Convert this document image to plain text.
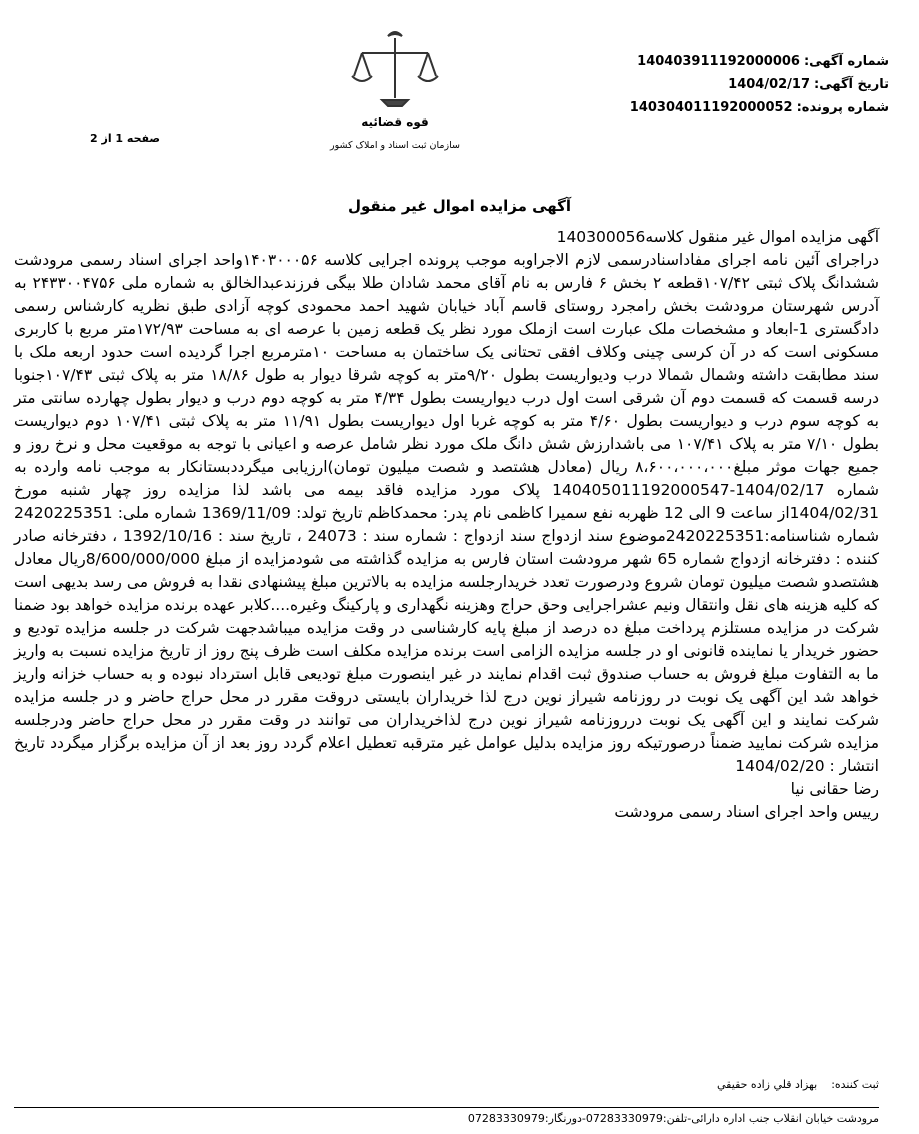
قوه قضائیه
سازمان ثبت اسناد و املاک کشور
شماره آگهی:
140403911192000006
تاریخ آگهی:
1404/02/17
شماره پرونده:
140304011192000052
صفحه 1 از 2
آگهی مزایده اموال غیر منقول

آگهی مزایده اموال غیر منقول کلاسه140300056

دراجرای آئین نامه اجرای مفاداسنادرسمی لازم الاجراوبه موجب پرونده اجرایی کلاسه ۱۴۰۳۰۰۰۵۶واحد اجرای اسناد رسمی مرودشت ششدانگ پلاک ثبتی ۱۰۷/۴۲قطعه ۲ بخش ۶ فارس به نام آقای محمد شادان طلا بیگی فرزندعبدالخالق به شماره ملی ۲۴۳۳۰۰۴۷۵۶ به آدرس شهرستان مرودشت بخش رامجرد روستای قاسم آباد خیابان شهید احمد محمودی کوچه آزادی طبق نظریه کارشناس رسمی دادگستری 1-ابعاد و مشخصات ملک عبارت است ازملک مورد نظر یک قطعه زمین با عرصه ای به مساحت ۱۷۲/۹۳متر مربع با کاربری مسکونی است که در آن کرسی چینی وکلاف افقی تحتانی یک ساختمان به مساحت ۱۰مترمربع اجرا گردیده است حدود اربعه ملک با سند مطابقت داشته وشمال شمالا درب ودیواریست بطول ۹/۲۰متر به کوچه شرقا دیوار به طول ۱۸/۸۶ متر به پلاک ثبتی ۱۰۷/۴۳جنوبا درسه قسمت که قسمت دوم آن شرقی است اول درب دیواریست بطول ۴/۳۴ متر به کوچه دوم درب و دیوار بطول چهارده سانتی متر به کوچه سوم درب و دیواریست بطول ۴/۶۰ متر به کوچه غربا اول دیواریست بطول ۱۱/۹۱ متر به پلاک ثبتی ۱۰۷/۴۱ دوم دیواریست بطول ۷/۱۰ متر به پلاک ۱۰۷/۴۱ می باشدارزش شش دانگ ملک مورد نظر شامل عرصه و اعیانی با توجه به موقعیت محل و نرخ روز و جمیع جهات موثر مبلغ۸،۶۰۰،۰۰۰،۰۰۰ ریال (معادل هشتصد و شصت میلیون تومان)ارزیابی میگرددبستانکار به موجب نامه وارده به شماره 1404/02/17-140405011192000547 پلاک مورد مزایده فاقد بیمه می باشد لذا مزایده روز چهار شنبه مورخ 1404/02/31از ساعت 9 الی 12 ظهربه نفع سمیرا کاظمی نام پدر: محمدکاظم تاریخ تولد: 1369/11/09 شماره ملی: 2420225351 شماره شناسنامه:2420225351موضوع سند ازدواج سند ازدواج : شماره سند : 24073 ، تاریخ سند : 1392/10/16 ، دفترخانه صادر کننده : دفترخانه ازدواج شماره 65 شهر مرودشت استان فارس به مزایده گذاشته می شودمزایده از مبلغ 8/600/000/000ریال معادل هشتصدو شصت میلیون تومان شروع ودرصورت تعدد خریدارجلسه مزایده به بالاترین مبلغ پیشنهادی نقدا به فروش می رسد بدیهی است که کلیه هزینه های نقل وانتقال ونیم عشراجرایی وحق حراج وهزینه نگهداری و پارکینگ وغیره....کلابر عهده برنده مزایده خواهد بود ضمنا شرکت در مزایده مستلزم پرداخت مبلغ ده درصد از مبلغ پایه کارشناسی در وقت مزایده میباشدجهت شرکت در جلسه مزایده تودیع و حضور خریدار یا نماینده قانونی او در جلسه مزایده الزامی است برنده مزایده مکلف است ظرف پنج روز از تاریخ مزایده نسبت به واریز ما به التفاوت مبلغ فروش به حساب صندوق ثبت اقدام نمایند در غیر اینصورت مبلغ تودیعی قابل استرداد نبوده و به حساب خزانه واریز خواهد شد این آگهی یک نوبت در روزنامه شیراز نوین درج لذا خریداران بایستی دروقت مقرر در محل حراج حاضر و در جلسه مزایده شرکت نمایند و این آگهی یک نوبت درروزنامه شیراز نوین درج لذاخریداران می توانند در وقت مقرر در محل حراج حاضر ودرجلسه مزایده شرکت نمایید ضمناً درصورتیکه روز مزایده بدلیل عوامل غیر مترقبه تعطیل اعلام گردد روز بعد از آن مزایده برگزار میگردد تاریخ انتشار : 1404/02/20

رضا حقانی نیا

رییس واحد اجرای اسناد رسمی مرودشت

ثبت کننده:
بهزاد قلي زاده حقيقي
مرودشت خیابان انقلاب جنب اداره دارائی-تلفن:07283330979-دورنگار:07283330979
